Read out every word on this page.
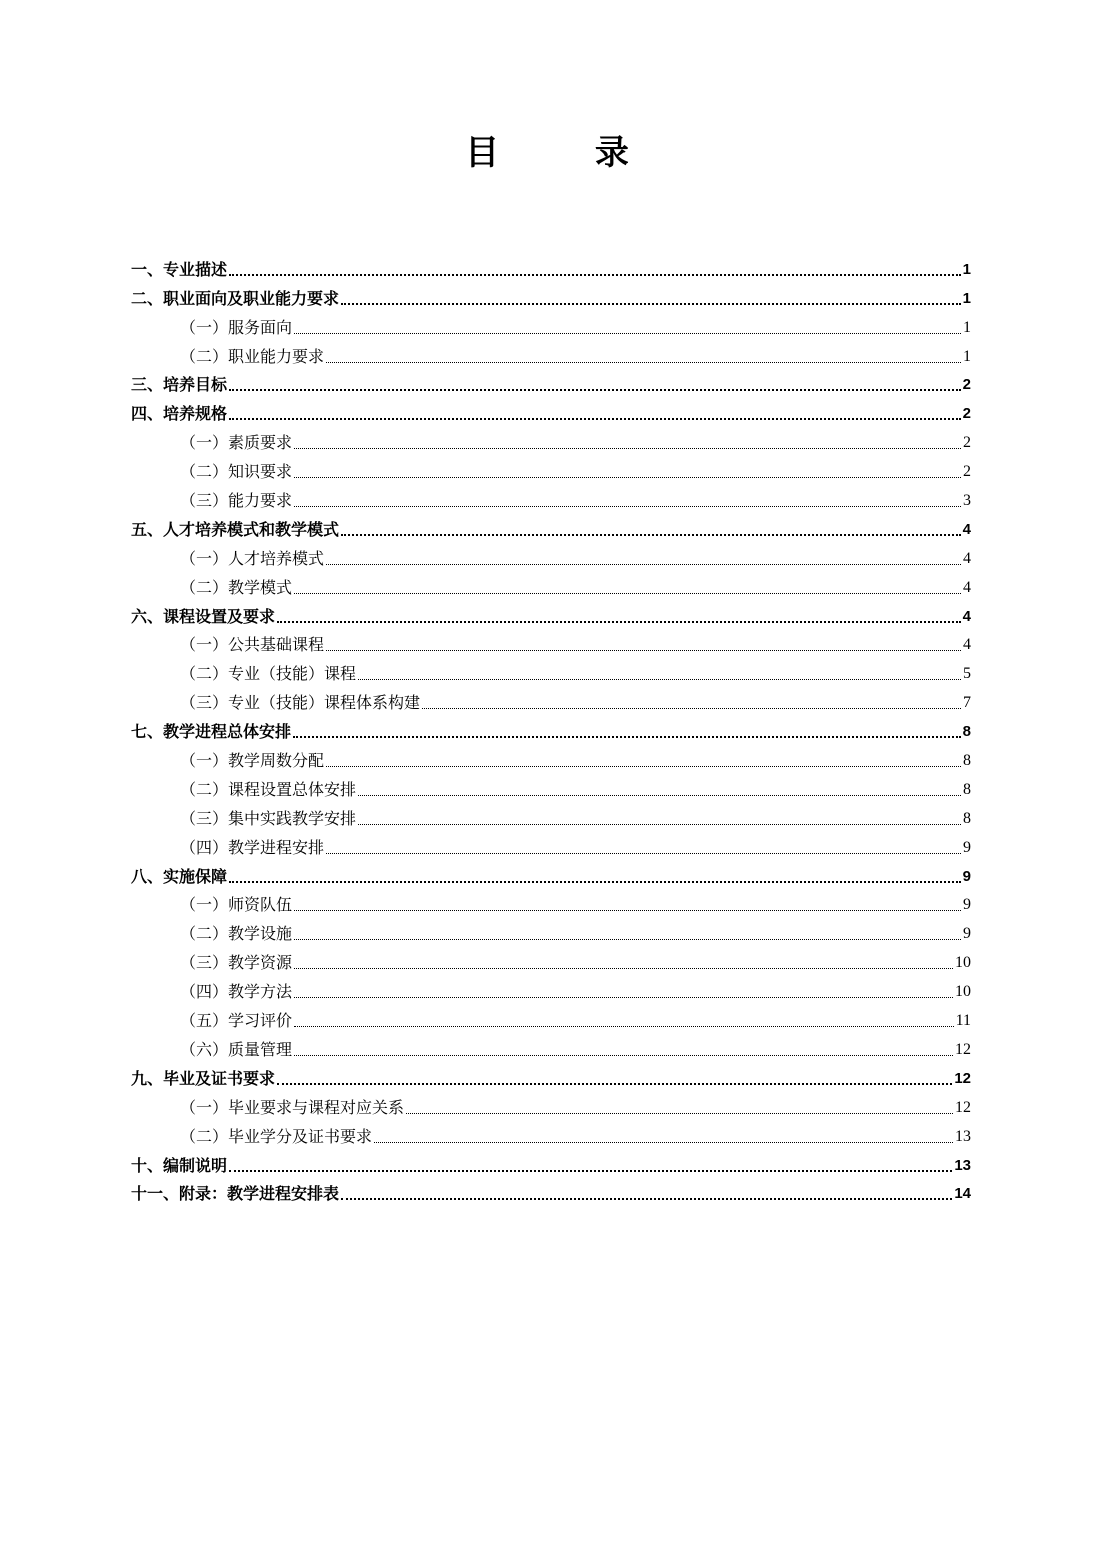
目 录
一、专业描述	1
二、职业面向及职业能力要求	1
（一）服务面向	1
（二）职业能力要求	1
三、培养目标	2
四、培养规格	2
（一）素质要求	2
（二）知识要求	2
（三）能力要求	3
五、人才培养模式和教学模式	4
（一）人才培养模式	4
（二）教学模式	4
六、课程设置及要求	4
（一）公共基础课程	4
（二）专业（技能）课程	5
（三）专业（技能）课程体系构建	7
七、教学进程总体安排	8
（一）教学周数分配	8
（二）课程设置总体安排	8
（三）集中实践教学安排	8
（四）教学进程安排	9
八、实施保障	9
（一）师资队伍	9
（二）教学设施	9
（三）教学资源	10
（四）教学方法	10
（五）学习评价	11
（六）质量管理	12
九、毕业及证书要求	12
（一）毕业要求与课程对应关系	12
（二）毕业学分及证书要求	13
十、编制说明	13
十一、附录：教学进程安排表	14
